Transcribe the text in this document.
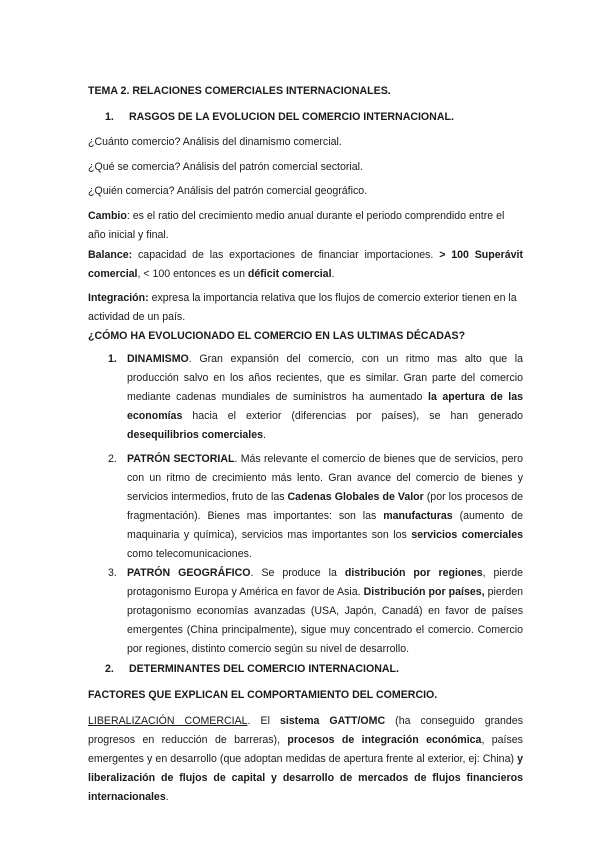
TEMA 2. RELACIONES COMERCIALES INTERNACIONALES.

1.	RASGOS DE LA EVOLUCION DEL COMERCIO INTERNACIONAL.

¿Cuánto comercio? Análisis del dinamismo comercial.

¿Qué se comercia? Análisis del patrón comercial sectorial.

¿Quién comercia? Análisis del patrón comercial geográfico.

Cambio: es el ratio del crecimiento medio anual durante el periodo comprendido entre el año inicial y final.

Balance: capacidad de las exportaciones de financiar importaciones. > 100 Superávit comercial, < 100 entonces es un déficit comercial.

Integración: expresa la importancia relativa que los flujos de comercio exterior tienen en la actividad de un país.

¿CÓMO HA EVOLUCIONADO EL COMERCIO EN LAS ULTIMAS DÉCADAS?

1. DINAMISMO. Gran expansión del comercio, con un ritmo mas alto que la producción salvo en los años recientes, que es similar. Gran parte del comercio mediante cadenas mundiales de suministros ha aumentado la apertura de las economías hacia el exterior (diferencias por países), se han generado desequilibrios comerciales.

2. PATRÓN SECTORIAL. Más relevante el comercio de bienes que de servicios, pero con un ritmo de crecimiento más lento. Gran avance del comercio de bienes y servicios intermedios, fruto de las Cadenas Globales de Valor (por los procesos de fragmentación). Bienes mas importantes: son las manufacturas (aumento de maquinaria y química), servicios mas importantes son los servicios comerciales como telecomunicaciones.

3. PATRÓN GEOGRÁFICO. Se produce la distribución por regiones, pierde protagonismo Europa y América en favor de Asia. Distribución por países, pierden protagonismo economías avanzadas (USA, Japón, Canadá) en favor de países emergentes (China principalmente), sigue muy concentrado el comercio. Comercio por regiones, distinto comercio según su nivel de desarrollo.

2.	DETERMINANTES DEL COMERCIO INTERNACIONAL.

FACTORES QUE EXPLICAN EL COMPORTAMIENTO DEL COMERCIO.

LIBERALIZACIÓN COMERCIAL. El sistema GATT/OMC (ha conseguido grandes progresos en reducción de barreras), procesos de integración económica, países emergentes y en desarrollo (que adoptan medidas de apertura frente al exterior, ej: China) y liberalización de flujos de capital y desarrollo de mercados de flujos financieros internacionales.
